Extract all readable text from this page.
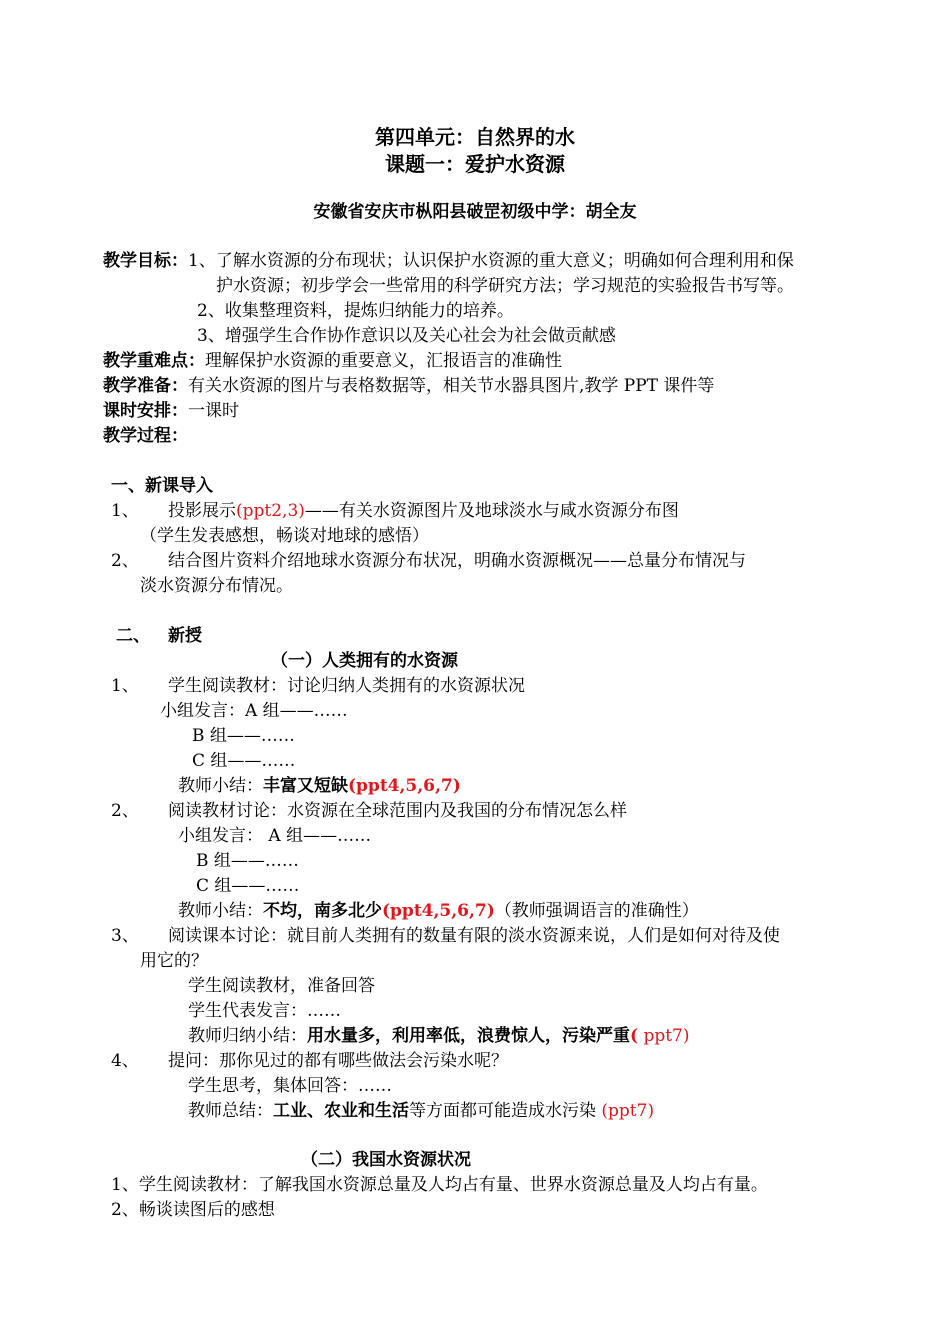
第四单元：自然界的水
课题一：爱护水资源
安徽省安庆市枞阳县破罡初级中学：胡全友
教学目标：1、了解水资源的分布现状；认识保护水资源的重大意义；明确如何合理利用和保
护水资源；初步学会一些常用的科学研究方法；学习规范的实验报告书写等。
2、收集整理资料，提炼归纳能力的培养。
3、增强学生合作协作意识以及关心社会为社会做贡献感
教学重难点：理解保护水资源的重要意义，汇报语言的准确性
教学准备：有关水资源的图片与表格数据等，相关节水器具图片,教学 PPT 课件等
课时安排：一课时
教学过程：
一、新课导入
1、 投影展示(ppt2,3)——有关水资源图片及地球淡水与咸水资源分布图
（学生发表感想，畅谈对地球的感悟）
2、 结合图片资料介绍地球水资源分布状况，明确水资源概况——总量分布情况与
淡水资源分布情况。
二、 新授
（一）人类拥有的水资源
1、 学生阅读教材：讨论归纳人类拥有的水资源状况
小组发言：A 组——……
B 组——……
C 组——……
教师小结：丰富又短缺(ppt4,5,6,7)
2、 阅读教材讨论：水资源在全球范围内及我国的分布情况怎么样
小组发言： A 组——……
B 组——……
C 组——……
教师小结：不均，南多北少(ppt4,5,6,7)（教师强调语言的准确性）
3、 阅读课本讨论：就目前人类拥有的数量有限的淡水资源来说，人们是如何对待及使
用它的？
学生阅读教材，准备回答
学生代表发言：……
教师归纳小结：用水量多，利用率低，浪费惊人，污染严重( ppt7)
4、 提问：那你见过的都有哪些做法会污染水呢？
学生思考，集体回答：……
教师总结：工业、农业和生活等方面都可能造成水污染 (ppt7)
（二）我国水资源状况
1、学生阅读教材：了解我国水资源总量及人均占有量、世界水资源总量及人均占有量。
2、畅谈读图后的感想
